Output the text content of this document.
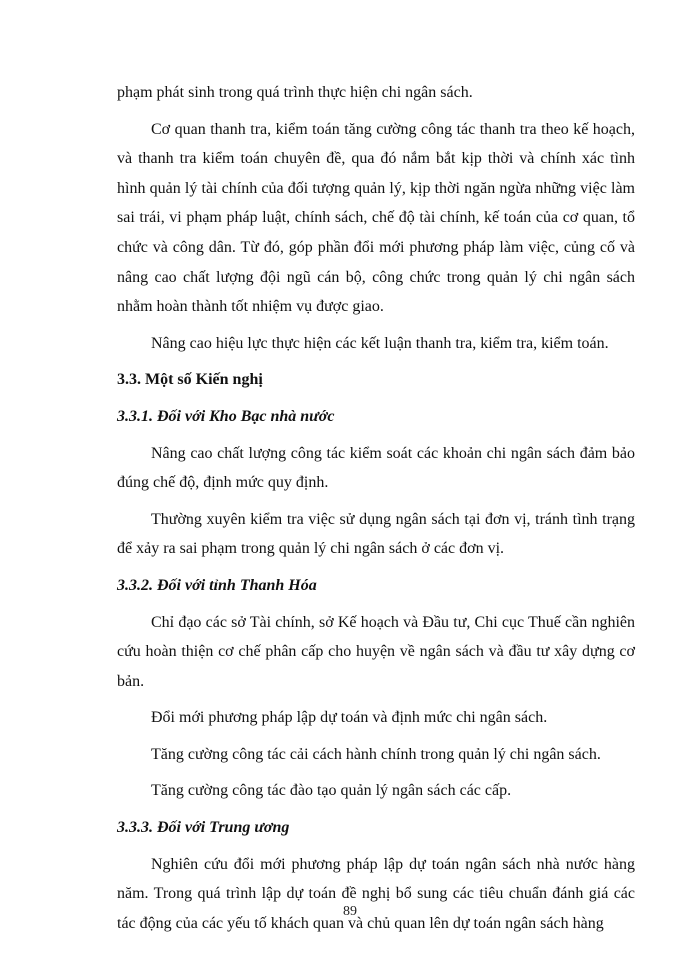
phạm phát sinh trong quá trình thực hiện chi ngân sách.

Cơ quan thanh tra, kiểm toán tăng cường công tác thanh tra theo kế hoạch, và thanh tra kiểm toán chuyên đề, qua đó nắm bắt kịp thời và chính xác tình hình quản lý tài chính của đối tượng quản lý, kịp thời ngăn ngừa những việc làm sai trái, vi phạm pháp luật, chính sách, chế độ tài chính, kế toán của cơ quan, tổ chức và công dân. Từ đó, góp phần đổi mới phương pháp làm việc, củng cố và nâng cao chất lượng đội ngũ cán bộ, công chức trong quản lý chi ngân sách nhằm hoàn thành tốt nhiệm vụ được giao.

Nâng cao hiệu lực thực hiện các kết luận thanh tra, kiểm tra, kiểm toán.

3.3. Một số Kiến nghị

3.3.1. Đối với Kho Bạc nhà nước

Nâng cao chất lượng công tác kiểm soát các khoản chi ngân sách đảm bảo đúng chế độ, định mức quy định.

Thường xuyên kiểm tra việc sử dụng ngân sách tại đơn vị, tránh tình trạng để xảy ra sai phạm trong quản lý chi ngân sách ở các đơn vị.

3.3.2. Đối với tỉnh Thanh Hóa

Chỉ đạo các sở Tài chính, sở Kế hoạch và Đầu tư, Chi cục Thuế cần nghiên cứu hoàn thiện cơ chế phân cấp cho huyện về ngân sách và đầu tư xây dựng cơ bản.

Đổi mới phương pháp lập dự toán và định mức chi ngân sách.

Tăng cường công tác cải cách hành chính trong quản lý chi ngân sách.

Tăng cường công tác đào tạo quản lý ngân sách các cấp.

3.3.3. Đối với Trung ương

Nghiên cứu đổi mới phương pháp lập dự toán ngân sách nhà nước hàng năm. Trong quá trình lập dự toán đề nghị bổ sung các tiêu chuẩn đánh giá các tác động của các yếu tố khách quan và chủ quan lên dự toán ngân sách hàng

89
